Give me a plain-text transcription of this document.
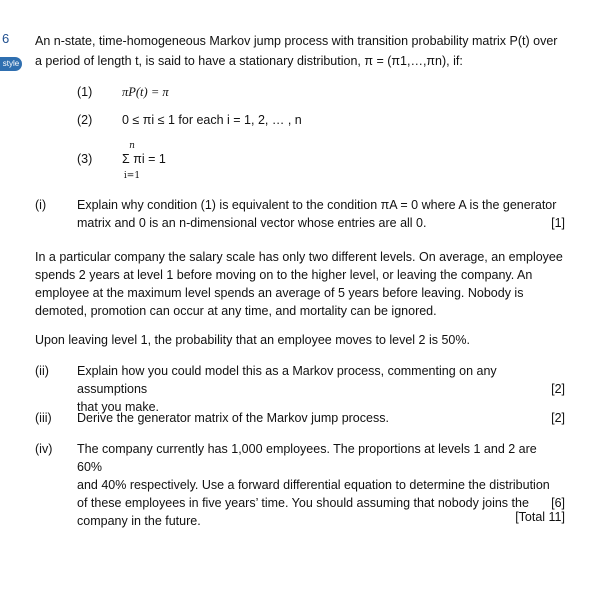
6
style
An n-state, time-homogeneous Markov jump process with transition probability matrix P(t) over
a period of length t, is said to have a stationary distribution, π = (π1,…,πn), if:
(1)	πP(t) = π
(2)	0 ≤ πi ≤ 1 for each i = 1, 2, … , n
(3)	Σ πi = 1
n

i=1
(i) Explain why condition (1) is equivalent to the condition πA = 0 where A is the generator
matrix and 0 is an n-dimensional vector whose entries are all 0.	[1]
In a particular company the salary scale has only two different levels. On average, an employee
spends 2 years at level 1 before moving on to the higher level, or leaving the company. An
employee at the maximum level spends an average of 5 years before leaving. Nobody is
demoted, promotion can occur at any time, and mortality can be ignored.
Upon leaving level 1, the probability that an employee moves to level 2 is 50%.
(ii) Explain how you could model this as a Markov process, commenting on any assumptions
that you make.
[2]
(iii) Derive the generator matrix of the Markov jump process.	[2]
(iv) The company currently has 1,000 employees. The proportions at levels 1 and 2 are 60%
and 40% respectively. Use a forward differential equation to determine the distribution
of these employees in five years’ time. You should assuming that nobody joins the
company in the future.
[6]
[Total 11]
